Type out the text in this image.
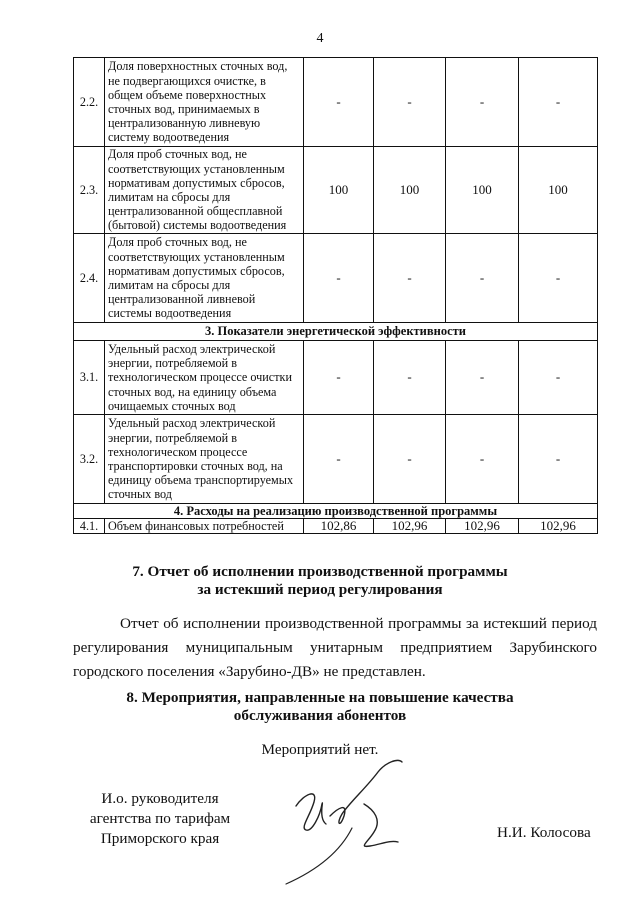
4
2.2.	Доля поверхностных сточных вод, не подвергающихся очистке, в общем объеме поверхностных сточных вод, принимаемых в централизованную ливневую систему водоотведения	-	-	-	-
2.3.	Доля проб сточных вод, не соответствующих установленным нормативам допустимых сбросов, лимитам на сбросы для централизованной общесплавной (бытовой) системы водоотведения	100	100	100	100
2.4.	Доля проб сточных вод, не соответствующих установленным нормативам допустимых сбросов, лимитам на сбросы для централизованной ливневой системы водоотведения	-	-	-	-
3. Показатели энергетической эффективности					
3.1.	Удельный расход электрической энергии, потребляемой в технологическом процессе очистки сточных вод, на единицу объема очищаемых сточных вод	-	-	-	-
3.2.	Удельный расход электрической энергии, потребляемой в технологическом процессе транспортировки сточных вод, на единицу объема транспортируемых сточных вод	-	-	-	-
4. Расходы на реализацию производственной программы					
4.1.	Объем финансовых потребностей	102,86	102,96	102,96	102,96
7. Отчет об исполнении производственной программы
за истекший период регулирования
Отчет об исполнении производственной программы за истекший период
регулирования муниципальным унитарным предприятием Зарубинского
городского поселения «Зарубино-ДВ» не представлен.
8. Мероприятия, направленные на повышение качества
обслуживания абонентов
Мероприятий нет.
И.о. руководителя
агентства по тарифам
Приморского края	Н.И. Колосова
